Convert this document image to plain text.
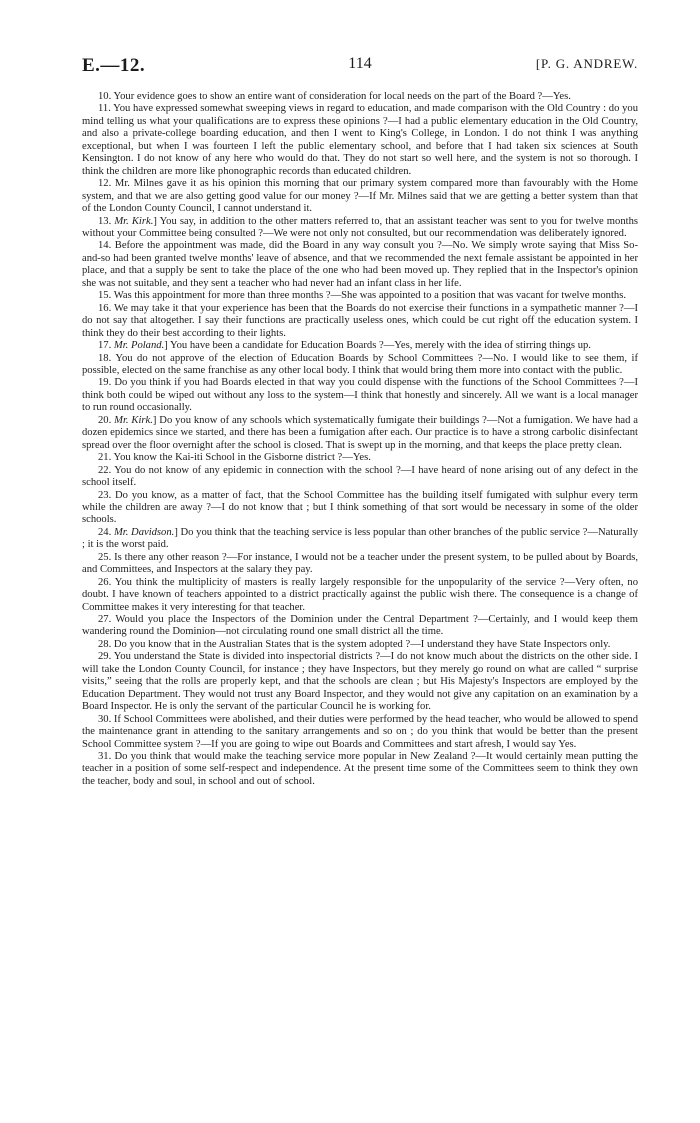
E.—12.	114	[P. G. ANDREW.

10. Your evidence goes to show an entire want of consideration for local needs on the part of the Board ?—Yes.

11. You have expressed somewhat sweeping views in regard to education, and made comparison with the Old Country : do you mind telling us what your qualifications are to express these opinions ?—I had a public elementary education in the Old Country, and also a private-college boarding education, and then I went to King's College, in London. I do not think I was anything exceptional, but when I was fourteen I left the public elementary school, and before that I had taken six sciences at South Kensington. I do not know of any here who would do that. They do not start so well here, and the system is not so thorough. I think the children are more like phonographic records than educated children.

12. Mr. Milnes gave it as his opinion this morning that our primary system compared more than favourably with the Home system, and that we are also getting good value for our money ?—If Mr. Milnes said that we are getting a better system than that of the London County Council, I cannot understand it.

13. Mr. Kirk.] You say, in addition to the other matters referred to, that an assistant teacher was sent to you for twelve months without your Committee being consulted ?—We were not only not consulted, but our recommendation was deliberately ignored.

14. Before the appointment was made, did the Board in any way consult you ?—No. We simply wrote saying that Miss So-and-so had been granted twelve months' leave of absence, and that we recommended the next female assistant be appointed in her place, and that a supply be sent to take the place of the one who had been moved up. They replied that in the Inspector's opinion she was not suitable, and they sent a teacher who had never had an infant class in her life.

15. Was this appointment for more than three months ?—She was appointed to a position that was vacant for twelve months.

16. We may take it that your experience has been that the Boards do not exercise their functions in a sympathetic manner ?—I do not say that altogether. I say their functions are practically useless ones, which could be cut right off the education system. I think they do their best according to their lights.

17. Mr. Poland.] You have been a candidate for Education Boards ?—Yes, merely with the idea of stirring things up.

18. You do not approve of the election of Education Boards by School Committees ?—No. I would like to see them, if possible, elected on the same franchise as any other local body. I think that would bring them more into contact with the public.

19. Do you think if you had Boards elected in that way you could dispense with the functions of the School Committees ?—I think both could be wiped out without any loss to the system—I think that honestly and sincerely. All we want is a local manager to run round occasionally.

20. Mr. Kirk.] Do you know of any schools which systematically fumigate their buildings ?—Not a fumigation. We have had a dozen epidemics since we started, and there has been a fumigation after each. Our practice is to have a strong carbolic disinfectant spread over the floor overnight after the school is closed. That is swept up in the morning, and that keeps the place pretty clean.

21. You know the Kai-iti School in the Gisborne district ?—Yes.

22. You do not know of any epidemic in connection with the school ?—I have heard of none arising out of any defect in the school itself.

23. Do you know, as a matter of fact, that the School Committee has the building itself fumigated with sulphur every term while the children are away ?—I do not know that ; but I think something of that sort would be necessary in some of the older schools.

24. Mr. Davidson.] Do you think that the teaching service is less popular than other branches of the public service ?—Naturally ; it is the worst paid.

25. Is there any other reason ?—For instance, I would not be a teacher under the present system, to be pulled about by Boards, and Committees, and Inspectors at the salary they pay.

26. You think the multiplicity of masters is really largely responsible for the unpopularity of the service ?—Very often, no doubt. I have known of teachers appointed to a district practically against the public wish there. The consequence is a change of Committee makes it very interesting for that teacher.

27. Would you place the Inspectors of the Dominion under the Central Department ?—Certainly, and I would keep them wandering round the Dominion—not circulating round one small district all the time.

28. Do you know that in the Australian States that is the system adopted ?—I understand they have State Inspectors only.

29. You understand the State is divided into inspectorial districts ?—I do not know much about the districts on the other side. I will take the London County Council, for instance ; they have Inspectors, but they merely go round on what are called “ surprise visits,” seeing that the rolls are properly kept, and that the schools are clean ; but His Majesty's Inspectors are employed by the Education Department. They would not trust any Board Inspector, and they would not give any capitation on an examination by a Board Inspector. He is only the servant of the particular Council he is working for.

30. If School Committees were abolished, and their duties were performed by the head teacher, who would be allowed to spend the maintenance grant in attending to the sanitary arrangements and so on ; do you think that would be better than the present School Committee system ?—If you are going to wipe out Boards and Committees and start afresh, I would say Yes.

31. Do you think that would make the teaching service more popular in New Zealand ?—It would certainly mean putting the teacher in a position of some self-respect and independence. At the present time some of the Committees seem to think they own the teacher, body and soul, in school and out of school.
